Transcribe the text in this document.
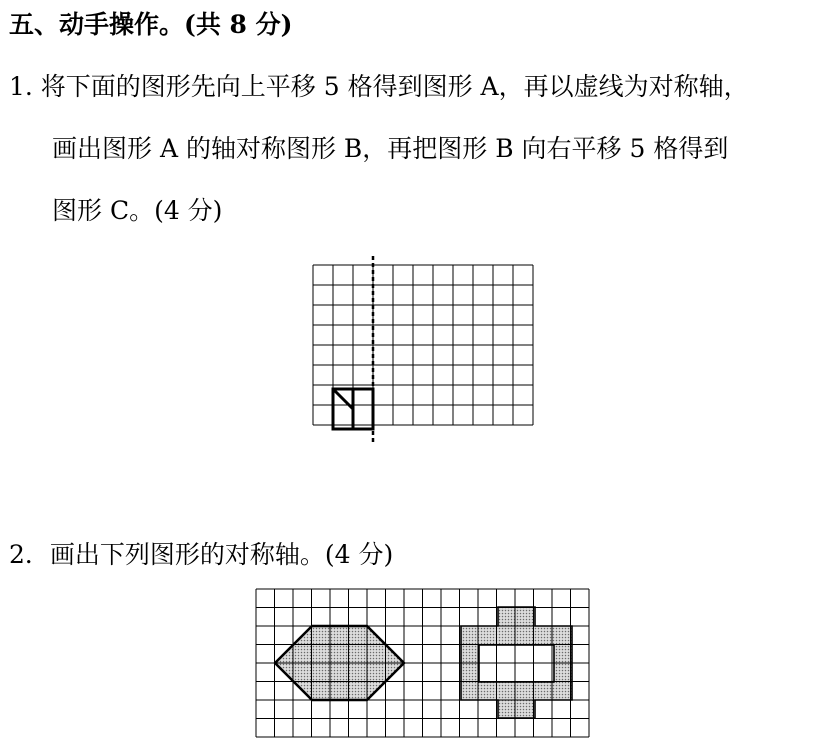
五、动手操作。(共 8 分)
1. 将下面的图形先向上平移 5 格得到图形 A，再以虚线为对称轴，
画出图形 A 的轴对称图形 B，再把图形 B 向右平移 5 格得到
图形 C。(4 分)
2．画出下列图形的对称轴。(4 分)
